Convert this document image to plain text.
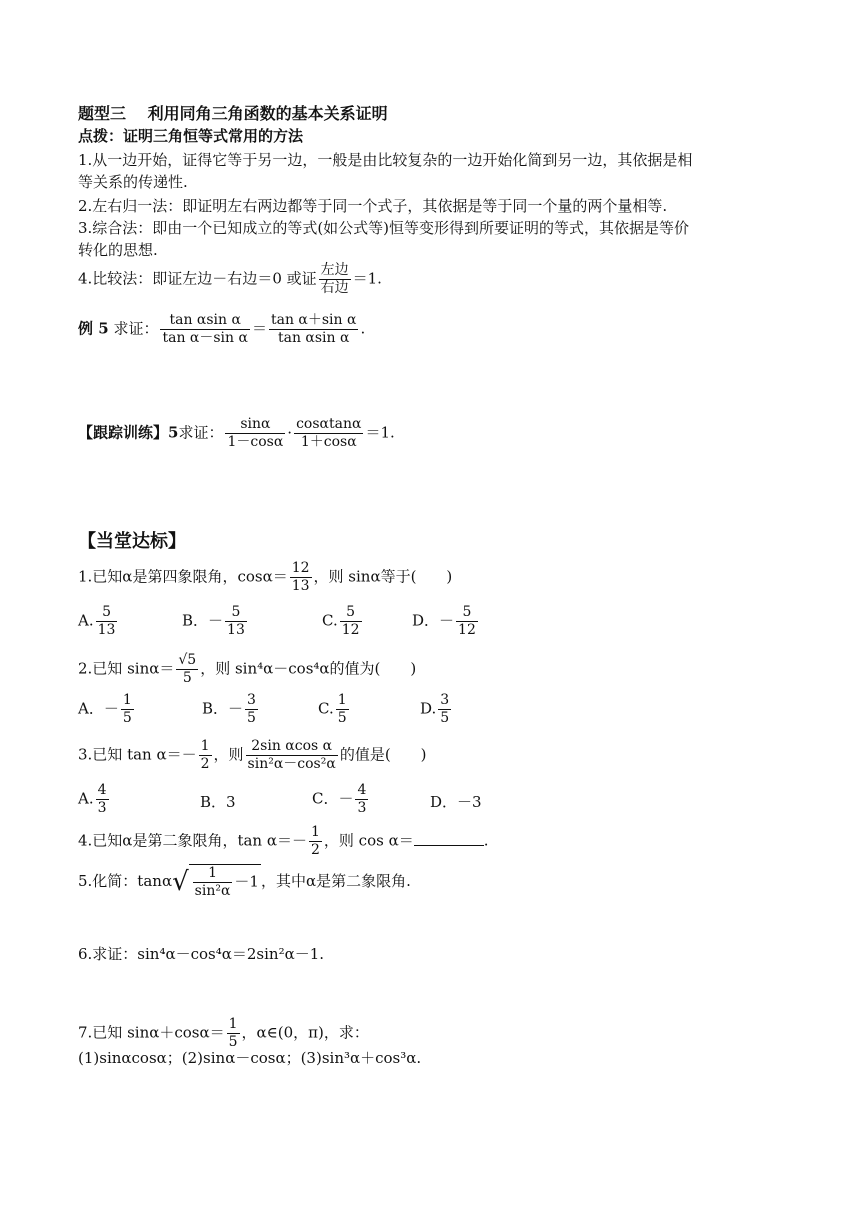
题型三　 利用同角三角函数的基本关系证明
点拨：证明三角恒等式常用的方法
1.从一边开始，证得它等于另一边，一般是由比较复杂的一边开始化简到另一边，其依据是相
等关系的传递性.
2.左右归一法：即证明左右两边都等于同一个式子，其依据是等于同一个量的两个量相等.
3.综合法：即由一个已知成立的等式(如公式等)恒等变形得到所要证明的等式，其依据是等价
转化的思想.
4.比较法：即证左边－右边＝0 或证 $\frac{\text{左边}}{\text{右边}} =1$.
例 5 求证： $\frac{\text{tan αsin α}}{\text{tan α－sin α}} = \frac{\text{tan α＋sin α}}{\text{tan αsin α}}$ .
【跟踪训练】5求证： $\frac{\sin\alpha}{1-\cos\alpha} \cdot \frac{\cos\alpha\tan\alpha}{1+\cos\alpha} =1$.
【当堂达标】
1.已知α是第四象限角，$\cos\alpha= \frac{12}{13}$ ，则 sinα等于(　　)
A. $\frac{5}{13}$	B．－ $\frac{5}{13}$	C. $\frac{5}{12}$	D．－ $\frac{5}{12}$
2.已知 $\sin\alpha= \frac{√5}{5}$ ，则 sin⁴α－cos⁴α的值为(　　)
A．－ $\frac{1}{5}$	B．－ $\frac{3}{5}$	C. $\frac{1}{5}$	D. $\frac{3}{5}$
3.已知 $\tan \alpha=- \frac{1}{2}$ ，则 $\frac{\text{2sin αcos α}}{\text{sin²α－cos²α}}$ 的值是(　　)
A. $\frac{4}{3}$	B．3	C．－ $\frac{4}{3}$	D．－3
4.已知α是第二象限角，$\tan \alpha=- \frac{1}{2}$ ，则 cos α＝	.
5.化简：$\tan\alpha√ \frac{1}{\text{sin²α}} -1$ ，其中α是第二象限角.
6.求证：sin⁴α－cos⁴α＝2sin²α－1.
7.已知 $\sin\alpha+\cos\alpha= \frac{1}{5}$ ，α∈(0，π)，求：
(1)sinαcosα；(2)sinα－cosα；(3)sin³α＋cos³α.
